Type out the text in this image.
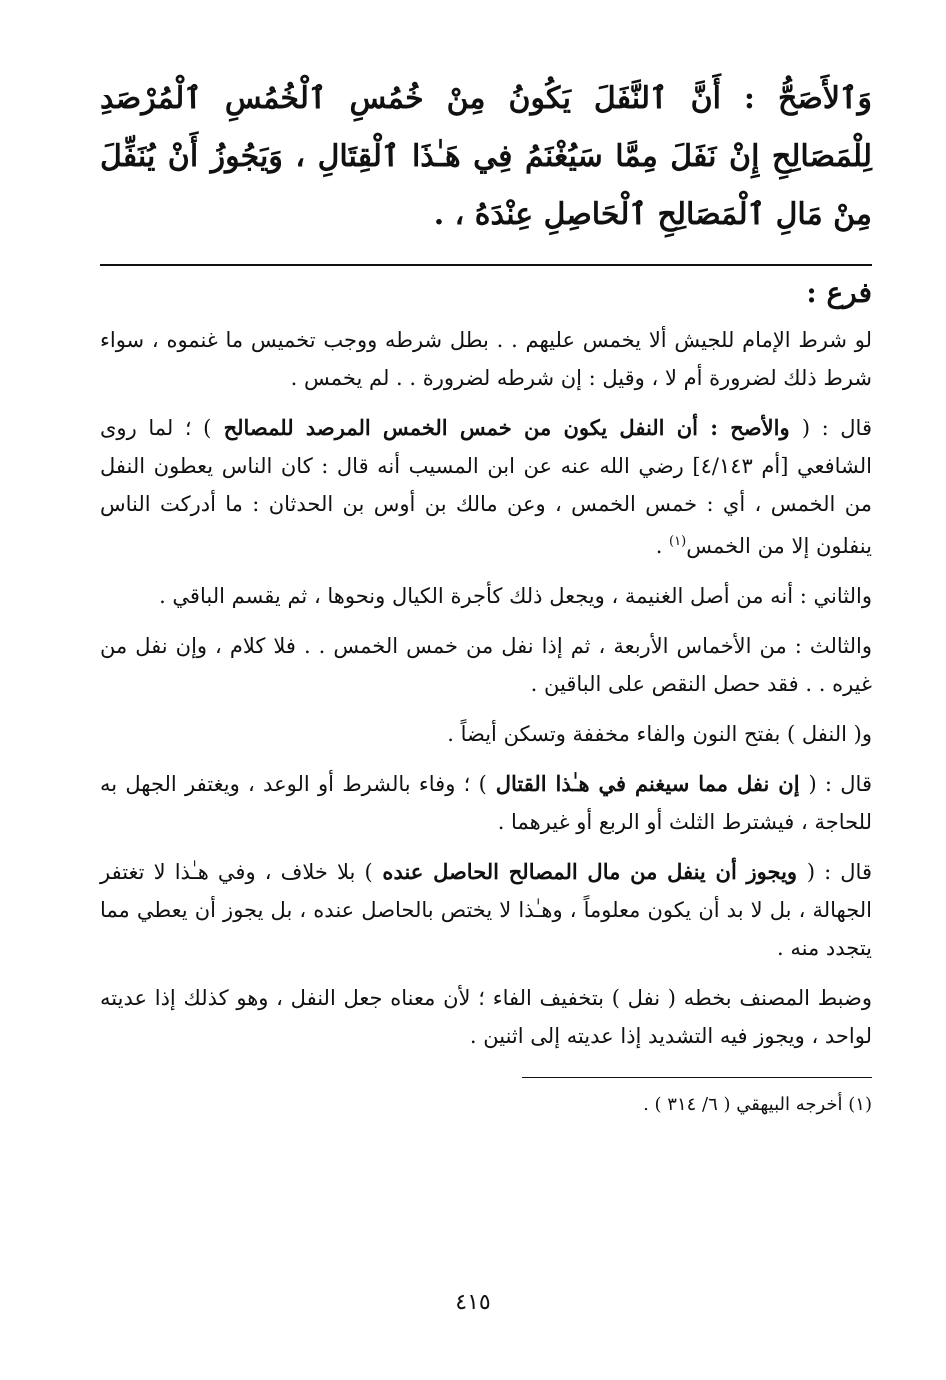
وَٱلأَصَحُّ : أَنَّ ٱلنَّفَلَ يَكُونُ مِنْ خُمُسِ ٱلْخُمُسِ ٱلْمُرْصَدِ لِلْمَصَالِحِ إِنْ نَفَلَ مِمَّا سَيُغْنَمُ فِي هَـٰذَا ٱلْقِتَالِ ، وَيَجُوزُ أَنْ يُنَفِّلَ مِنْ مَالِ ٱلْمَصَالِحِ ٱلْحَاصِلِ عِنْدَهُ ، .
فرع :

لو شرط الإمام للجيش ألا يخمس عليهم . . بطل شرطه ووجب تخميس ما غنموه ، سواء شرط ذلك لضرورة أم لا ، وقيل : إن شرطه لضرورة . . لم يخمس .

قال : ( والأصح : أن النفل يكون من خمس الخمس المرصد للمصالح ) ؛ لما روى الشافعي [أم ٤/١٤٣] رضي الله عنه عن ابن المسيب أنه قال : كان الناس يعطون النفل من الخمس ، أي : خمس الخمس ، وعن مالك بن أوس بن الحدثان : ما أدركت الناس ينفلون إلا من الخمس$^{(١)}$ .

والثاني : أنه من أصل الغنيمة ، ويجعل ذلك كأجرة الكيال ونحوها ، ثم يقسم الباقي .

والثالث : من الأخماس الأربعة ، ثم إذا نفل من خمس الخمس . . فلا كلام ، وإن نفل من غيره . . فقد حصل النقص على الباقين .

و( النفل ) بفتح النون والفاء مخففة وتسكن أيضاً .

قال : ( إن نفل مما سيغنم في هـٰذا القتال ) ؛ وفاء بالشرط أو الوعد ، ويغتفر الجهل به للحاجة ، فيشترط الثلث أو الربع أو غيرهما .

قال : ( ويجوز أن ينفل من مال المصالح الحاصل عنده ) بلا خلاف ، وفي هـٰذا لا تغتفر الجهالة ، بل لا بد أن يكون معلوماً ، وهـٰذا لا يختص بالحاصل عنده ، بل يجوز أن يعطي مما يتجدد منه .

وضبط المصنف بخطه ( نفل ) بتخفيف الفاء ؛ لأن معناه جعل النفل ، وهو كذلك إذا عديته لواحد ، ويجوز فيه التشديد إذا عديته إلى اثنين .

(١) أخرجه البيهقي ( ٦/ ٣١٤ ) .
٤١٥
